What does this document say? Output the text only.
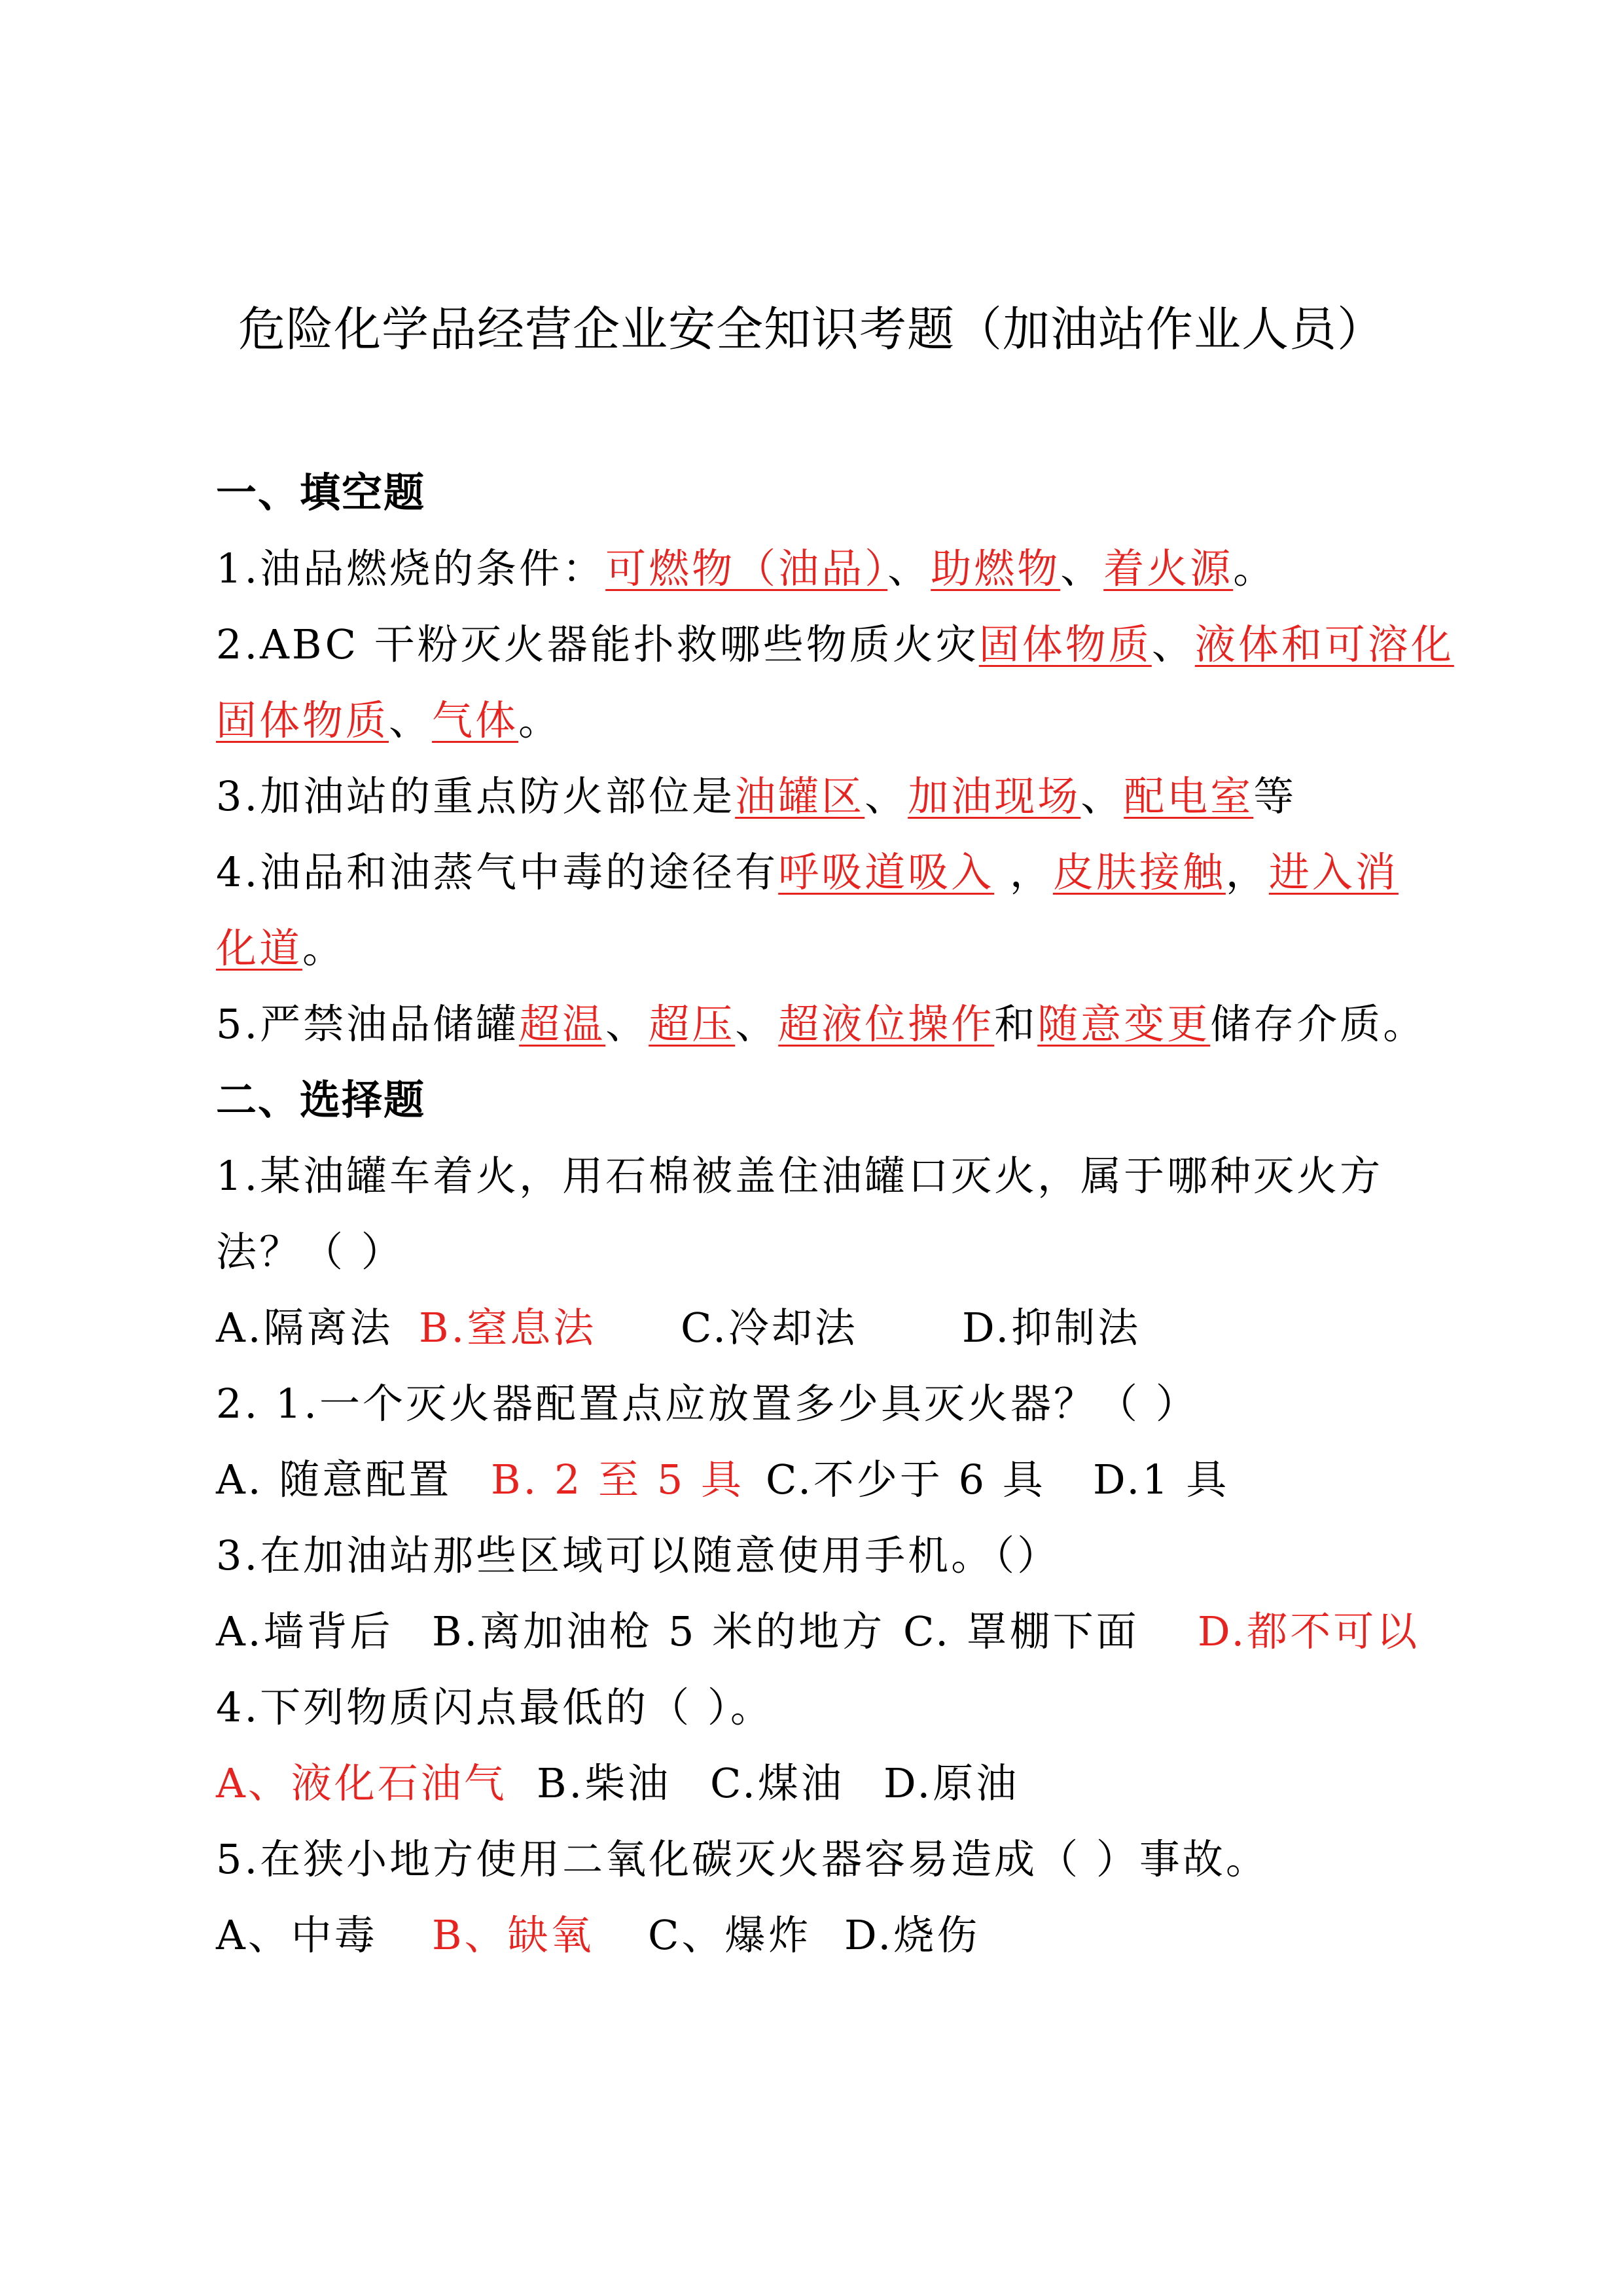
危险化学品经营企业安全知识考题（加油站作业人员）
一、填空题
1.油品燃烧的条件：可燃物（油品）、助燃物、着火源。
2.ABC 干粉灭火器能扑救哪些物质火灾固体物质、液体和可溶化
固体物质、气体。
3.加油站的重点防火部位是油罐区、加油现场、配电室等
4.油品和油蒸气中毒的途径有呼吸道吸入 ，皮肤接触，进入消
化道。
5.严禁油品储罐超温、超压、超液位操作和随意变更储存介质。
二、选择题
1.某油罐车着火，用石棉被盖住油罐口灭火，属于哪种灭火方
法？（ ）
A.隔离法 B.窒息法 C.冷却法	D.抑制法
2. 1.一个灭火器配置点应放置多少具灭火器？（ ）
A. 随意配置 B. 2 至 5 具 C.不少于 6 具 D.1 具
3.在加油站那些区域可以随意使用手机。（）
A.墙背后 B.离加油枪 5 米的地方 C. 罩棚下面 D.都不可以
4.下列物质闪点最低的（ ）。
A、液化石油气 B.柴油 C.煤油 D.原油
5.在狭小地方使用二氧化碳灭火器容易造成（ ）事故。
A、中毒 B、缺氧 C、爆炸 D.烧伤
